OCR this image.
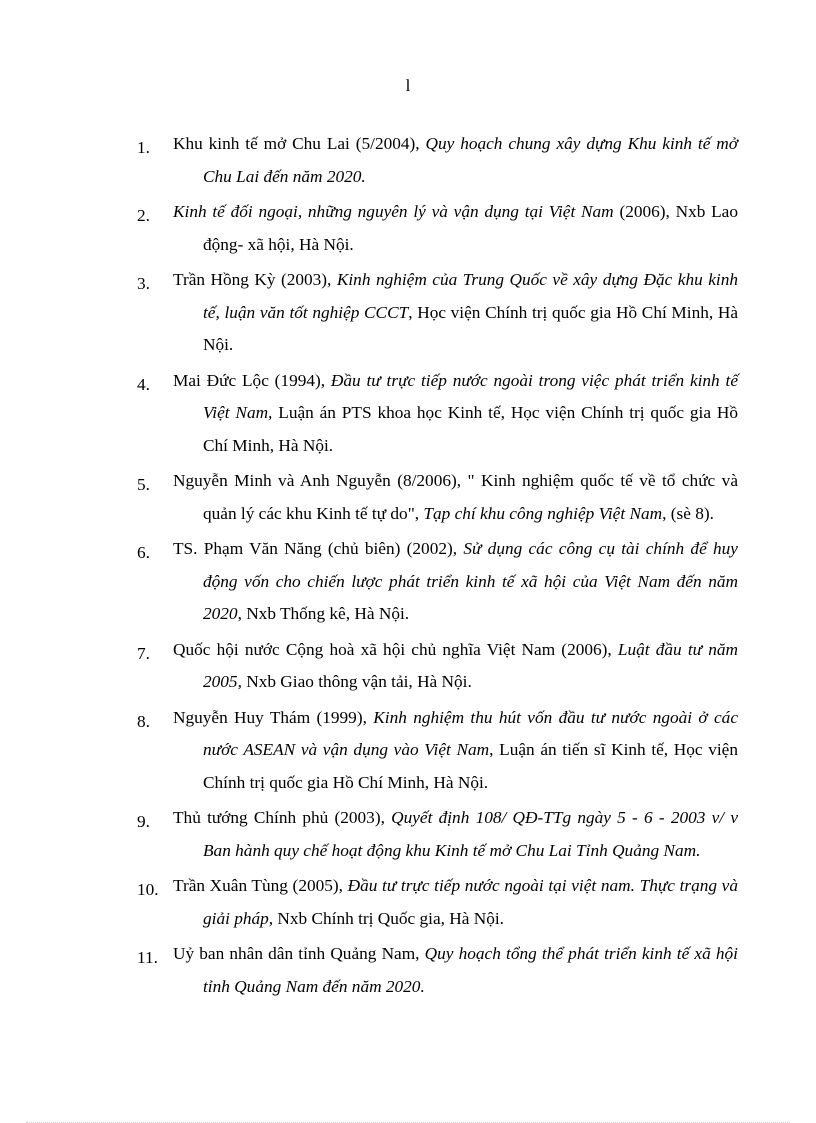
l
1.	Khu kinh tế mở Chu Lai (5/2004), Quy hoạch chung xây dựng Khu kinh tế mở Chu Lai đến năm 2020.
2.	Kinh tế đối ngoại, những nguyên lý và vận dụng tại Việt Nam (2006), Nxb Lao động- xã hội, Hà Nội.
3.	Trần Hồng Kỳ (2003), Kinh nghiệm của Trung Quốc về xây dựng Đặc khu kinh tế, luận văn tốt nghiệp CCCT, Học viện Chính trị quốc gia Hồ Chí Minh, Hà Nội.
4.	Mai Đức Lộc (1994), Đầu tư trực tiếp nước ngoài trong việc phát triển kinh tế Việt Nam, Luận án PTS khoa học Kinh tế, Học viện Chính trị quốc gia Hồ Chí Minh, Hà Nội.
5.	Nguyễn Minh và Anh Nguyễn (8/2006), " Kinh nghiệm quốc tế về tổ chức và quản lý các khu Kinh tế tự do", Tạp chí khu công nghiệp Việt Nam, (sè 8).
6.	TS. Phạm Văn Năng (chủ biên) (2002), Sử dụng các công cụ tài chính để huy động vốn cho chiến lược phát triển kinh tế xã hội của Việt Nam đến năm 2020, Nxb Thống kê, Hà Nội.
7.	Quốc hội nước Cộng hoà xã hội chủ nghĩa Việt Nam (2006), Luật đầu tư năm 2005, Nxb Giao thông vận tải, Hà Nội.
8.	Nguyễn Huy Thám (1999), Kinh nghiệm thu hút vốn đầu tư nước ngoài ở các nước ASEAN và vận dụng vào Việt Nam, Luận án tiến sĩ Kinh tế, Học viện Chính trị quốc gia Hồ Chí Minh, Hà Nội.
9.	Thủ tướng Chính phủ (2003), Quyết định 108/ QĐ-TTg ngày 5 - 6 - 2003 v/ v Ban hành quy chế hoạt động khu Kinh tế mở Chu Lai Tỉnh Quảng Nam.
10. Trần Xuân Tùng (2005), Đầu tư trực tiếp nước ngoài tại việt nam. Thực trạng và giải pháp, Nxb Chính trị Quốc gia, Hà Nội.
11. Uỷ ban nhân dân tỉnh Quảng Nam, Quy hoạch tổng thể phát triển kinh tế xã hội tỉnh Quảng Nam đến năm 2020.
